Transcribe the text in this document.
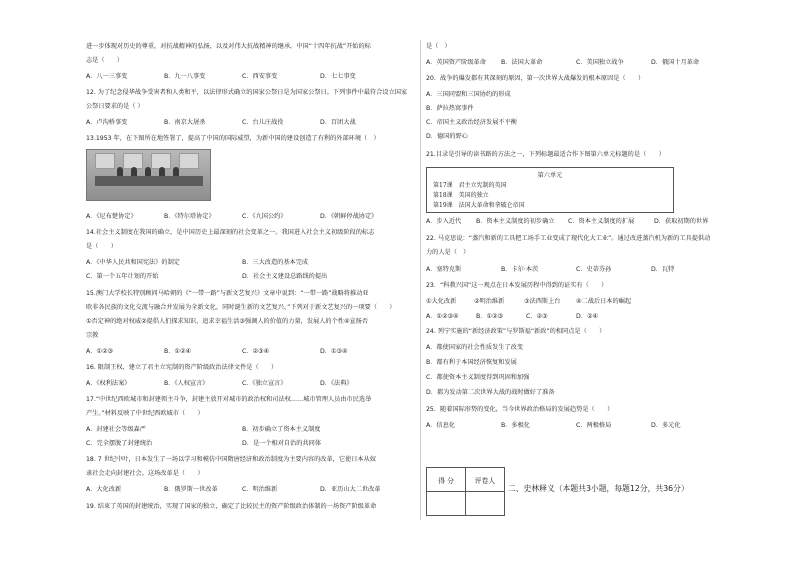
进一步体现对历史的尊重，对抗战精神的弘扬，以及对伟大抗战精神的继承。中国“十四年抗战”开始的标
志是（　　）
A．八一三事变	B．九一八事变	C．西安事变	D．七七事变
12. 为了纪念侵华战争受害者和人类和平，以法律形式确立的国家公祭日是为国家公祭日。下列事件中最符合设立国家
公祭日要求的是（ ）
A．卢沟桥事变	B．南京大屠杀	C．台儿庄战役	D．百团大战
13.1953 年，在下图所在地签署了，提高了中国的国际威望，为新中国的建设创造了有利的外部环境（　）
A．《尼布楚协定》	B．《特尔塔协定》	C．《九国公约》	D．《朝鲜停战协定》
14.社会主义制度在我国的确立，是中国历史上最深刻的社会变革之一。我国进入社会主义初级阶段的标志
是（　　）
A．《中华人民共和国宪法》的制定	B．三大改造的基本完成
C．第一个五年计划的开始	D．社会主义建设总路线的提出
15.澳门大学校长特别顾问马哈朝的《“一带一路”与新文艺复兴》文章中说到：“一带一路”战略将推动亚
欧非各民族的文化交流与融合并发展为全新文化，同时诞生新的文艺复兴。”下列对于新文艺复兴的一项要（　　）
①否定神的绝对权威②提倡人们探求知识，追求幸福生活③强调人的价值的力量，发展人的个性④宣扬否
宗教
A．①②③	B．①②④	C．②③④	D．①③④
16. 限制王权，建立了君主立宪制的资产阶级政治法律文件是（　　）
A．《权利法案》	B．《人权宣言》	C．《独立宣言》	D．《法典》
17.“中世纪西欧城市和封建领主斗争，封建主放开对城市的政治权和司法权……城市管理人员由市民选举
产生。”材料反映了中世纪西欧城市（　　）
A．封建社会等级森严	B．初步确立了资本主义制度
C．完全摆脱了封建统治	D．是一个相对自治的共同体
18. 7 世纪中叶，日本发生了一场以学习和模仿中国隋唐经济和政治制度为主要内容的改革，它使日本从奴
隶社会走向封建社会。这场改革是（　　）
A．大化改新	B．俄罗斯一世改革	C．明治维新	D．亚历山大二世改革
19. 结束了英国的封建统治，实现了国家的独立，确定了比较民主的资产阶级政治体制的一场资产阶级革命
是（　）
A．英国资产阶级革命 B．法国大革命	C．美国独立战争	D．俄国十月革命
20．战争的爆发都有其深刻的原因，第一次世界大战爆发的根本原因是（　　）
A．三国同盟和三国协约的形成
B．萨拉热窝事件
C．帝国主义政治经济发展不平衡
D．德国的野心
21.目录是引导的读书路的方法之一，下列标题最适合作下图第六单元标题的是（　　）
第六单元
第17课　君主立宪制的英国
第18课　美国的独立
第19课　法国大革命和拿破仑帝国
A．步入近代 B．资本主义制度的初步确立 C．资本主义制度的扩展	D．获取初期的世界
22. 马克思说：“蒸汽和新的工具把工场手工业变成了现代化大工业”。通过改进蒸汽机为新的工具提供动
力的人是（　）
A．塞特克斯	B．卡尔·本茨	C．史蒂芬孙	D．瓦特
23．“科教兴国”这一观点在日本发展历程中得到的证实有（　　）
①大化改新	②明治维新	③法西斯上台	④二战后日本的崛起
A．①②③④	B．①②③	C．②③	D．②④
24. 列宁实施的“新经济政策”与罗斯福“新政”的相同点是（　　）
A．都使国家的社会性质发生了改变
B．都有利于本国经济恢复和发展
C．都使资本主义制度得到巩固和加强
D．都为发动第二次世界大战的战时做好了准备
25．随着国际形势的变化，当今世界政治格局的发展趋势是（　　）
A．信息化	B．多极化	C．两极格局	D．多元化
得 分	评卷人

二、史林释义（本题共3小题，每题12分，共36分）
